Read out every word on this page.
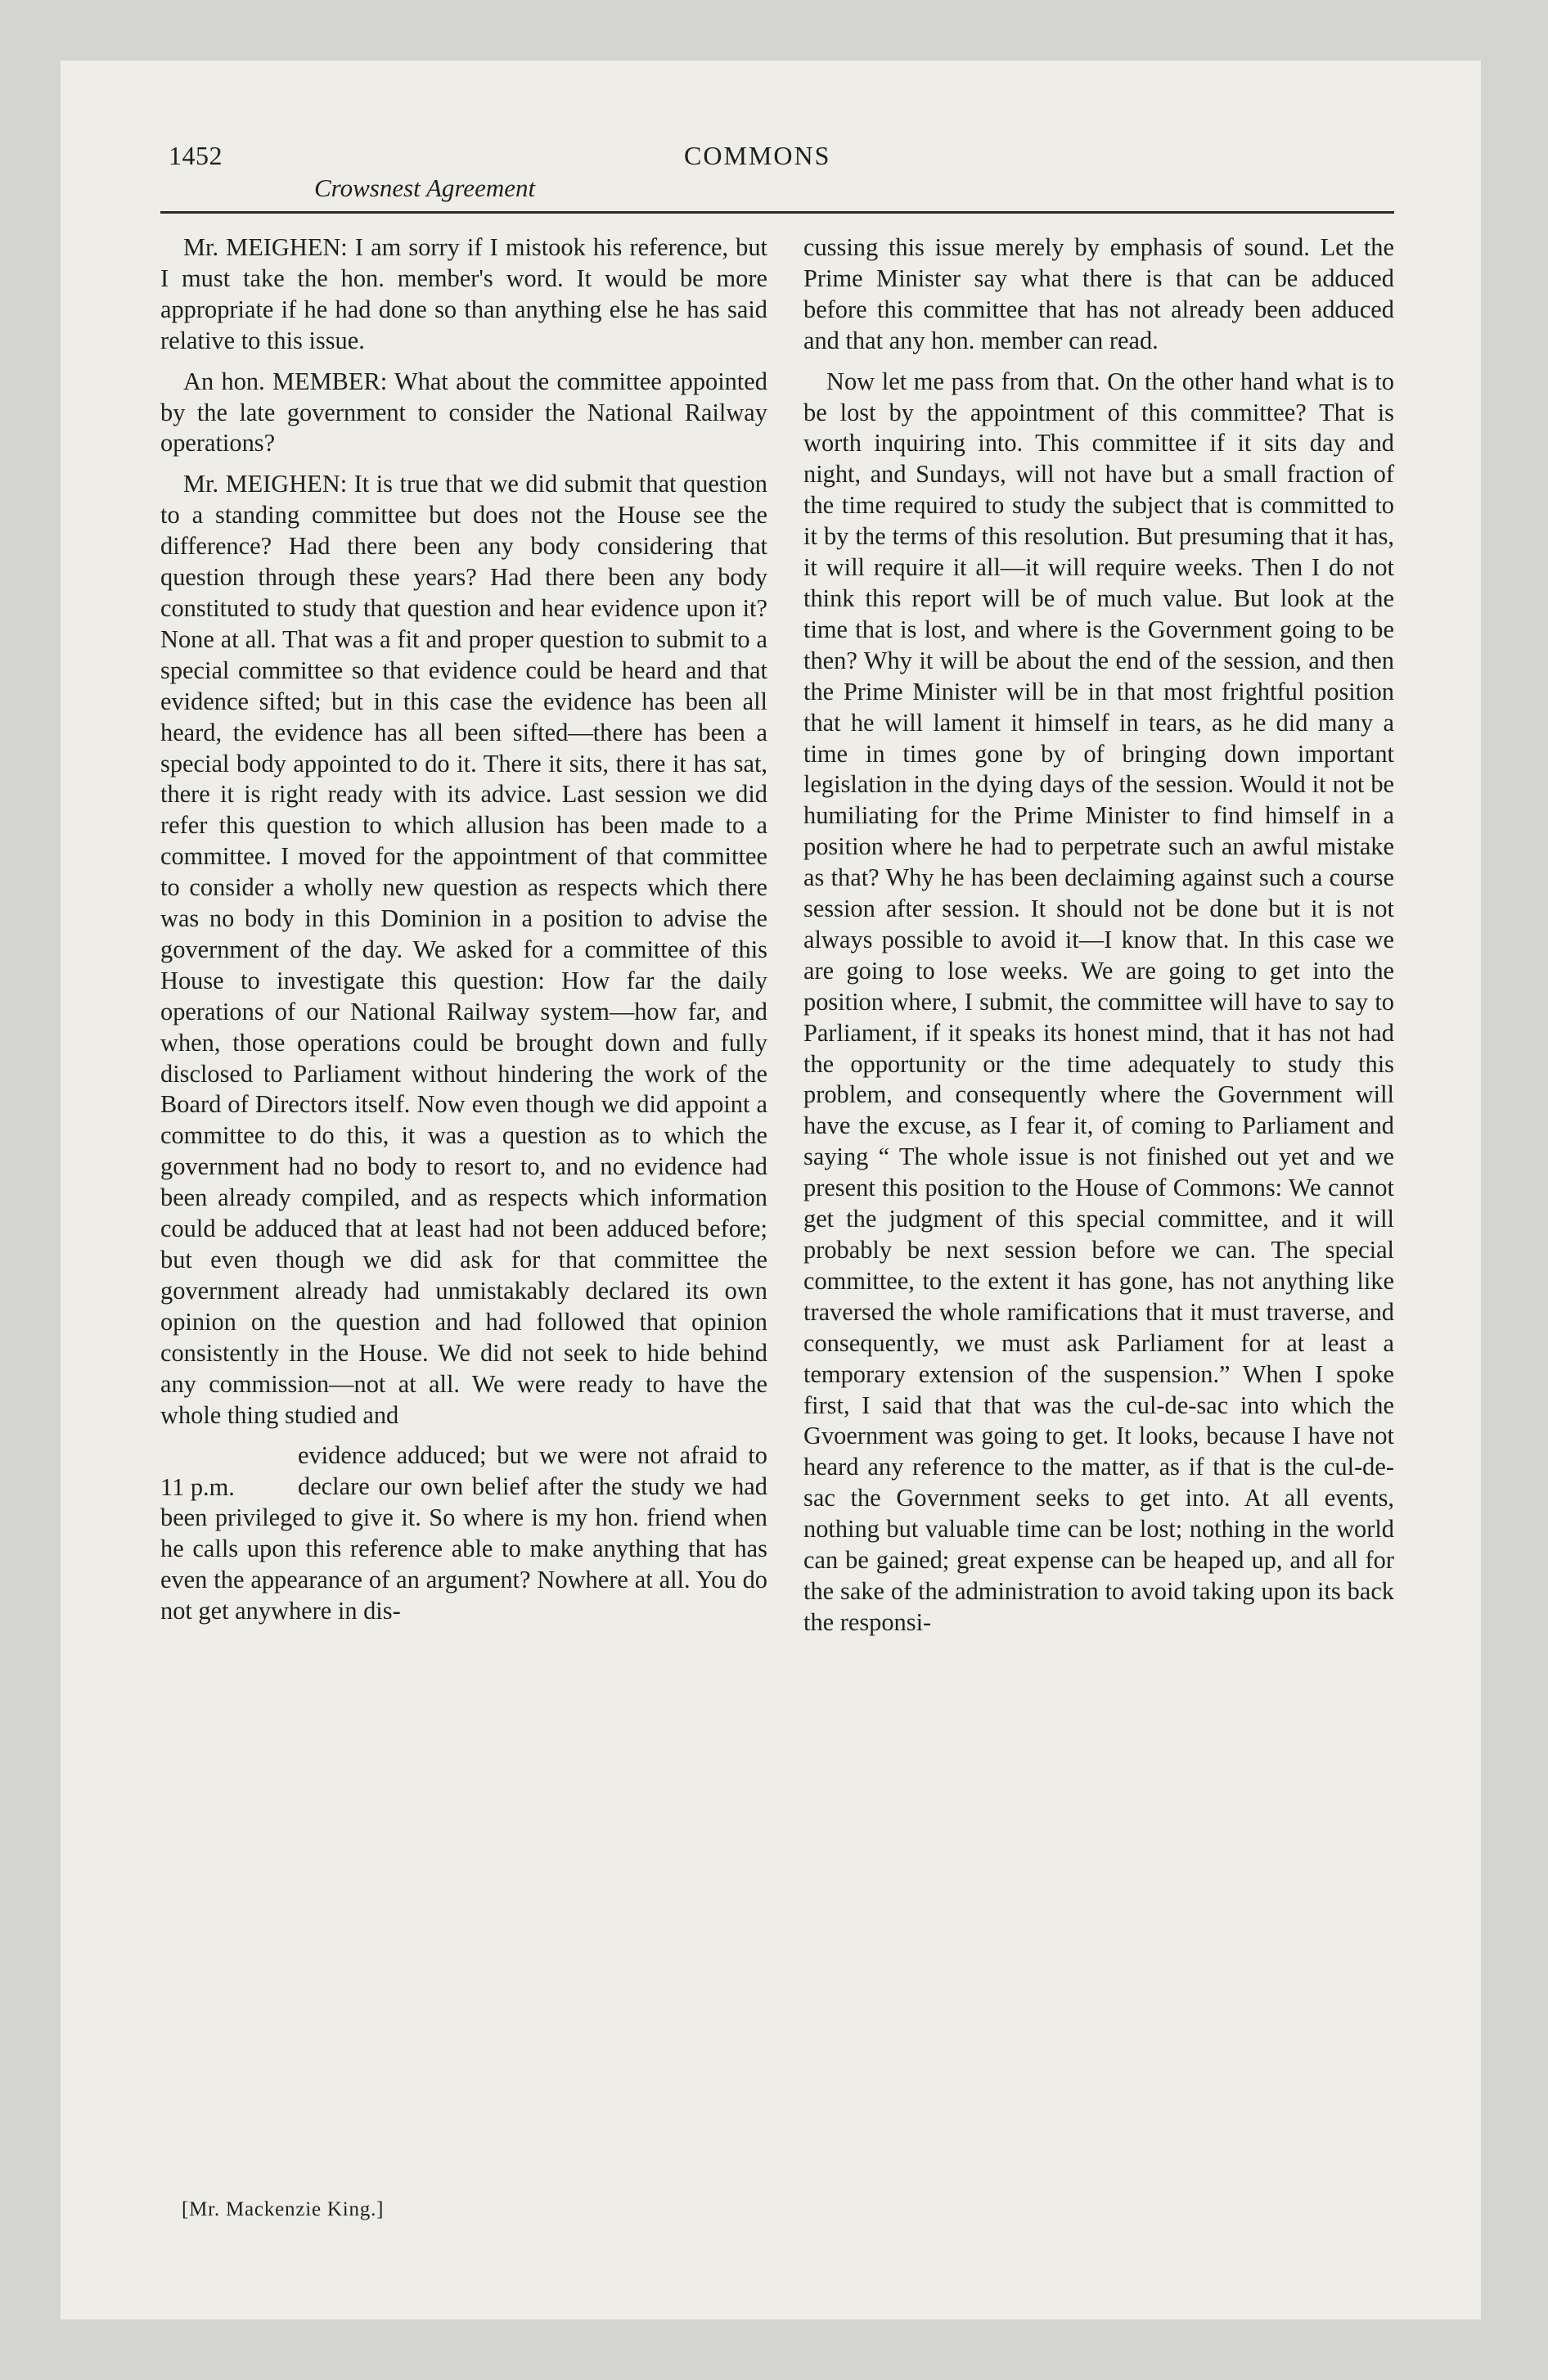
1452	COMMONS
Crowsnest Agreement

Mr. MEIGHEN: I am sorry if I mistook his reference, but I must take the hon. member's word. It would be more appropriate if he had done so than anything else he has said relative to this issue.

An hon. MEMBER: What about the committee appointed by the late government to consider the National Railway operations?

Mr. MEIGHEN: It is true that we did submit that question to a standing committee but does not the House see the difference? Had there been any body considering that question through these years? Had there been any body constituted to study that question and hear evidence upon it? None at all. That was a fit and proper question to submit to a special committee so that evidence could be heard and that evidence sifted; but in this case the evidence has been all heard, the evidence has all been sifted—there has been a special body appointed to do it. There it sits, there it has sat, there it is right ready with its advice. Last session we did refer this question to which allusion has been made to a committee. I moved for the appointment of that committee to consider a wholly new question as respects which there was no body in this Dominion in a position to advise the government of the day. We asked for a committee of this House to investigate this question: How far the daily operations of our National Railway system—how far, and when, those operations could be brought down and fully disclosed to Parliament without hindering the work of the Board of Directors itself. Now even though we did appoint a committee to do this, it was a question as to which the government had no body to resort to, and no evidence had been already compiled, and as respects which information could be adduced that at least had not been adduced before; but even though we did ask for that committee the government already had unmistakably declared its own opinion on the question and had followed that opinion consistently in the House. We did not seek to hide behind any commission—not at all. We were ready to have the whole thing studied and

11 p.m.
evidence adduced; but we were not afraid to declare our own belief after the study we had been privileged to give it. So where is my hon. friend when he calls upon this reference able to make anything that has even the appearance of an argument? Nowhere at all. You do not get anywhere in dis-

cussing this issue merely by emphasis of sound. Let the Prime Minister say what there is that can be adduced before this committee that has not already been adduced and that any hon. member can read.

Now let me pass from that. On the other hand what is to be lost by the appointment of this committee? That is worth inquiring into. This committee if it sits day and night, and Sundays, will not have but a small fraction of the time required to study the subject that is committed to it by the terms of this resolution. But presuming that it has, it will require it all—it will require weeks. Then I do not think this report will be of much value. But look at the time that is lost, and where is the Government going to be then? Why it will be about the end of the session, and then the Prime Minister will be in that most frightful position that he will lament it himself in tears, as he did many a time in times gone by of bringing down important legislation in the dying days of the session. Would it not be humiliating for the Prime Minister to find himself in a position where he had to perpetrate such an awful mistake as that? Why he has been declaiming against such a course session after session. It should not be done but it is not always possible to avoid it—I know that. In this case we are going to lose weeks. We are going to get into the position where, I submit, the committee will have to say to Parliament, if it speaks its honest mind, that it has not had the opportunity or the time adequately to study this problem, and consequently where the Government will have the excuse, as I fear it, of coming to Parliament and saying “ The whole issue is not finished out yet and we present this position to the House of Commons: We cannot get the judgment of this special committee, and it will probably be next session before we can. The special committee, to the extent it has gone, has not anything like traversed the whole ramifications that it must traverse, and consequently, we must ask Parliament for at least a temporary extension of the suspension.” When I spoke first, I said that that was the cul-de-sac into which the Gvoernment was going to get. It looks, because I have not heard any reference to the matter, as if that is the cul-de-sac the Government seeks to get into. At all events, nothing but valuable time can be lost; nothing in the world can be gained; great expense can be heaped up, and all for the sake of the administration to avoid taking upon its back the responsi-

[Mr. Mackenzie King.]
